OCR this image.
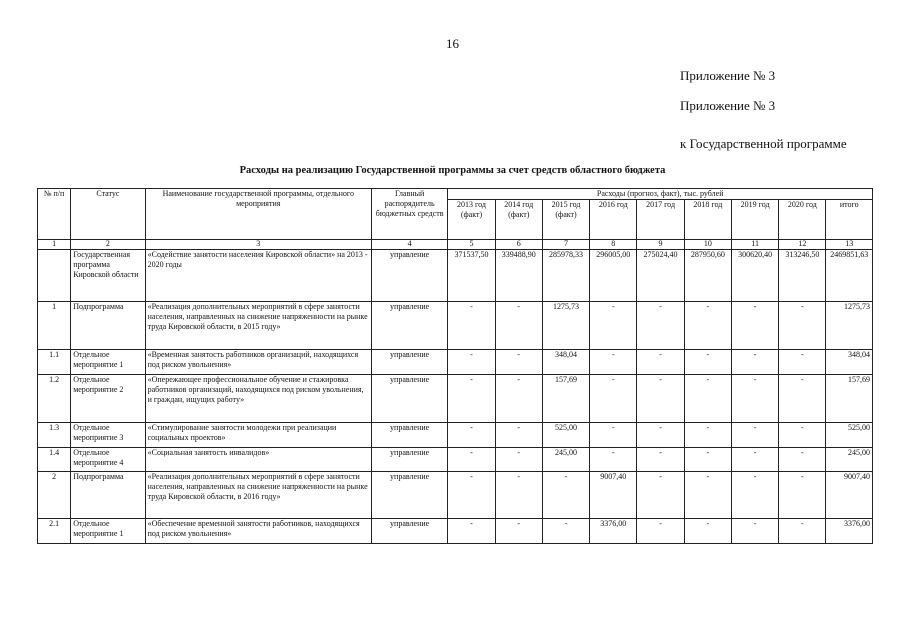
16
Приложение № 3
Приложение № 3
к Государственной программе
Расходы на реализацию Государственной программы за счет средств областного бюджета
№ п/п	Статус	Наименование государственной программы, отдельного мероприятия	Главный распорядитель бюджетных средств	Расходы (прогноз, факт), тыс. рублей								
				2013 год (факт)	2014 год (факт)	2015 год (факт)	2016 год	2017 год	2018 год	2019 год	2020 год	итого
1	2	3	4	5	6	7	8	9	10	11	12	13
	Государственная программа Кировской области	«Содействие занятости населения Кировской области» на 2013 - 2020 годы	управление	371537,50	339488,90	285978,33	296005,00	275024,40	287950,60	300620,40	313246,50	2469851,63
1	Подпрограмма	«Реализация дополнительных мероприятий в сфере занятости населения, направленных на снижение напряженности на рынке труда Кировской области, в 2015 году»	управление	-	-	1275,73	-	-	-	-	-	1275,73
1.1	Отдельное мероприятие 1	«Временная занятость работников организаций, находящихся под риском увольнения»	управление	-	-	348,04	-	-	-	-	-	348,04
1.2	Отдельное мероприятие 2	«Опережающее профессиональное обучение и стажировка работников организаций, находящихся под риском увольнения, и граждан, ищущих работу»	управление	-	-	157,69	-	-	-	-	-	157,69
1.3	Отдельное мероприятие 3	«Стимулирование занятости молодежи при реализации социальных проектов»	управление	-	-	525,00	-	-	-	-	-	525,00
1.4	Отдельное мероприятие 4	«Социальная занятость инвалидов»	управление	-	-	245,00	-	-	-	-	-	245,00
2	Подпрограмма	«Реализация дополнительных мероприятий в сфере занятости населения, направленных на снижение напряженности на рынке труда Кировской области, в 2016 году»	управление	-	-	-	9007,40	-	-	-	-	9007,40
2.1	Отдельное мероприятие 1	«Обеспечение временной занятости работников, находящихся под риском увольнения»	управление	-	-	-	3376,00	-	-	-	-	3376,00
